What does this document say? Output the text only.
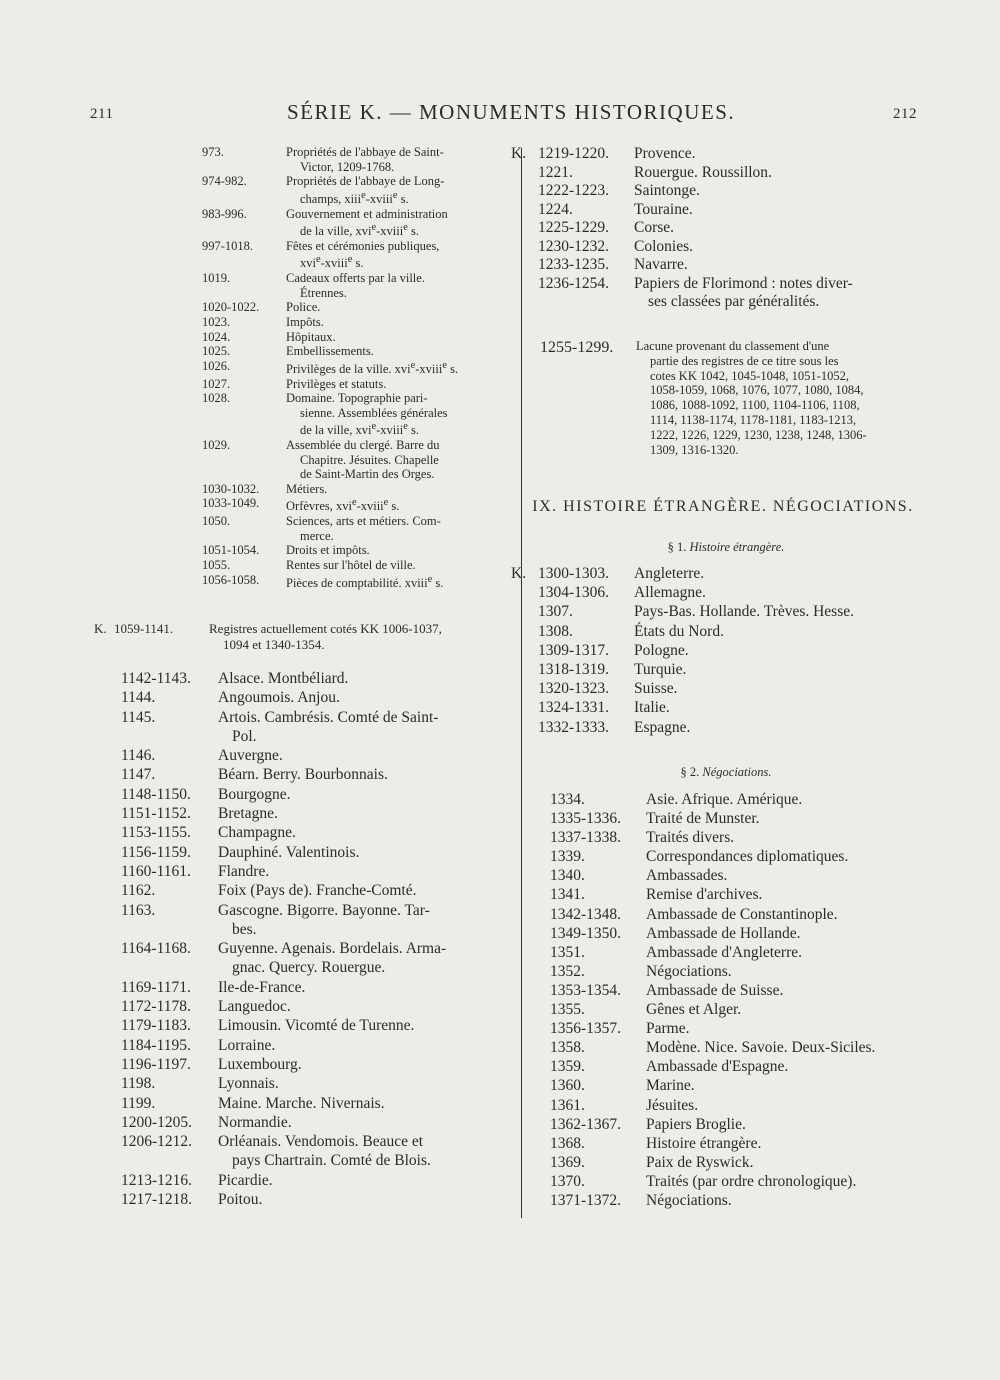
211	SÉRIE K. — MONUMENTS HISTORIQUES.	212
973.	Propriétés de l'abbaye de Saint-
Victor, 1209-1768.
974-982.	Propriétés de l'abbaye de Long-
champs, xiii$^e$-xviii$^e$ s.
983-996.	Gouvernement et administration
de la ville, xvi$^e$-xviii$^e$ s.
997-1018.	Fêtes et cérémonies publiques,
xvi$^e$-xviii$^e$ s.
1019.	Cadeaux offerts par la ville.
Étrennes.
1020-1022.	Police.
1023.	Impôts.
1024.	Hôpitaux.
1025.	Embellissements.
1026.	Privilèges de la ville. xvi$^e$-xviii$^e$ s.
1027.	Privilèges et statuts.
1028.	Domaine. Topographie pari-
sienne. Assemblées générales
de la ville, xvi$^e$-xviii$^e$ s.
1029.	Assemblée du clergé. Barre du
Chapitre. Jésuites. Chapelle
de Saint-Martin des Orges.
1030-1032.	Métiers.
1033-1049.	Orfèvres, xvi$^e$-xviii$^e$ s.
1050.	Sciences, arts et métiers. Com-
merce.
1051-1054.	Droits et impôts.
1055.	Rentes sur l'hôtel de ville.
1056-1058.	Pièces de comptabilité. xviii$^e$ s.
K. 1059-1141.	Registres actuellement cotés KK 1006-1037,
1094 et 1340-1354.
1142-1143.	Alsace. Montbéliard.
1144.	Angoumois. Anjou.
1145.	Artois. Cambrésis. Comté de Saint-
Pol.
1146.	Auvergne.
1147.	Béarn. Berry. Bourbonnais.
1148-1150.	Bourgogne.
1151-1152.	Bretagne.
1153-1155.	Champagne.
1156-1159.	Dauphiné. Valentinois.
1160-1161.	Flandre.
1162.	Foix (Pays de). Franche-Comté.
1163.	Gascogne. Bigorre. Bayonne. Tar-
bes.
1164-1168.	Guyenne. Agenais. Bordelais. Arma-
gnac. Quercy. Rouergue.
1169-1171.	Ile-de-France.
1172-1178.	Languedoc.
1179-1183.	Limousin. Vicomté de Turenne.
1184-1195.	Lorraine.
1196-1197.	Luxembourg.
1198.	Lyonnais.
1199.	Maine. Marche. Nivernais.
1200-1205.	Normandie.
1206-1212.	Orléanais. Vendomois. Beauce et
pays Chartrain. Comté de Blois.
1213-1216.	Picardie.
1217-1218.	Poitou.
K. 1219-1220.	Provence.
1221.	Rouergue. Roussillon.
1222-1223.	Saintonge.
1224.	Touraine.
1225-1229.	Corse.
1230-1232.	Colonies.
1233-1235.	Navarre.
1236-1254.	Papiers de Florimond : notes diver-
ses classées par généralités.
1255-1299.	Lacune provenant du classement d'une
partie des registres de ce titre sous les
cotes KK 1042, 1045-1048, 1051-1052,
1058-1059, 1068, 1076, 1077, 1080, 1084,
1086, 1088-1092, 1100, 1104-1106, 1108,
1114, 1138-1174, 1178-1181, 1183-1213,
1222, 1226, 1229, 1230, 1238, 1248, 1306-
1309, 1316-1320.
IX. HISTOIRE ÉTRANGÈRE. NÉGOCIATIONS.
§ 1. Histoire étrangère.
K. 1300-1303.	Angleterre.
1304-1306.	Allemagne.
1307.	Pays-Bas. Hollande. Trèves. Hesse.
1308.	États du Nord.
1309-1317.	Pologne.
1318-1319.	Turquie.
1320-1323.	Suisse.
1324-1331.	Italie.
1332-1333.	Espagne.
§ 2. Négociations.
1334.	Asie. Afrique. Amérique.
1335-1336.	Traité de Munster.
1337-1338.	Traités divers.
1339.	Correspondances diplomatiques.
1340.	Ambassades.
1341.	Remise d'archives.
1342-1348.	Ambassade de Constantinople.
1349-1350.	Ambassade de Hollande.
1351.	Ambassade d'Angleterre.
1352.	Négociations.
1353-1354.	Ambassade de Suisse.
1355.	Gênes et Alger.
1356-1357.	Parme.
1358.	Modène. Nice. Savoie. Deux-Siciles.
1359.	Ambassade d'Espagne.
1360.	Marine.
1361.	Jésuites.
1362-1367.	Papiers Broglie.
1368.	Histoire étrangère.
1369.	Paix de Ryswick.
1370.	Traités (par ordre chronologique).
1371-1372.	Négociations.
